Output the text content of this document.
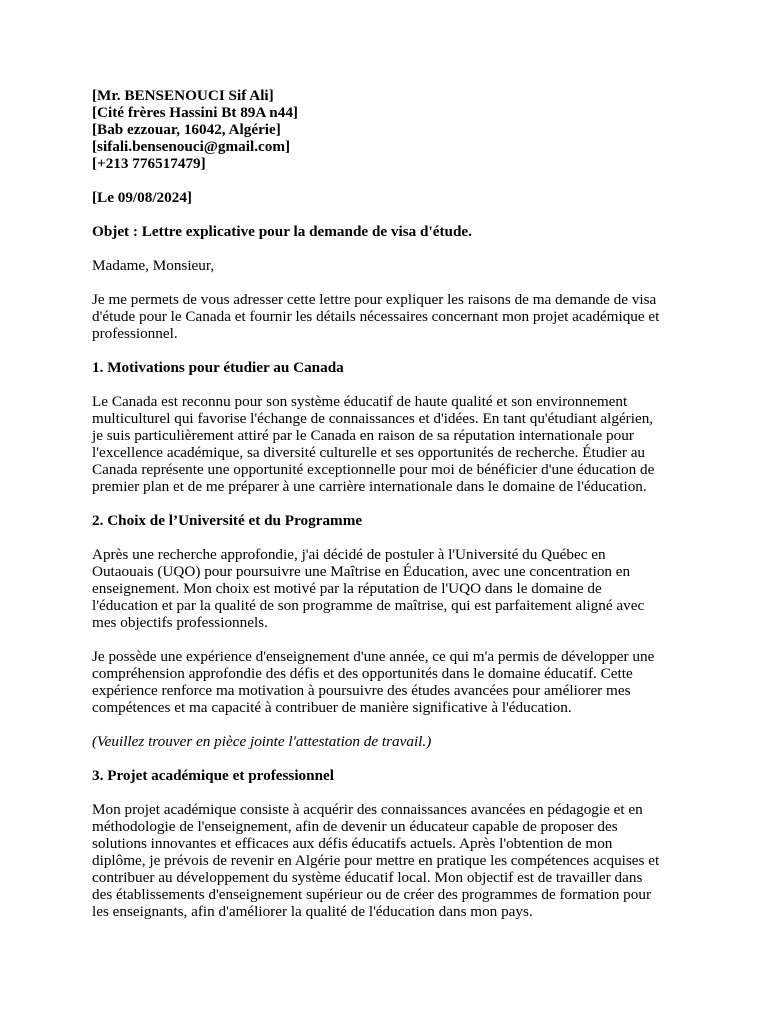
[Mr. BENSENOUCI Sif Ali]
[Cité frères Hassini Bt 89A n44]
[Bab ezzouar, 16042, Algérie]
[sifali.bensenouci@gmail.com]
[+213 776517479]
[Le 09/08/2024]
Objet : Lettre explicative pour la demande de visa d'étude.
Madame, Monsieur,
Je me permets de vous adresser cette lettre pour expliquer les raisons de ma demande de visa
d'étude pour le Canada et fournir les détails nécessaires concernant mon projet académique et
professionnel.
1. Motivations pour étudier au Canada
Le Canada est reconnu pour son système éducatif de haute qualité et son environnement
multiculturel qui favorise l'échange de connaissances et d'idées. En tant qu'étudiant algérien,
je suis particulièrement attiré par le Canada en raison de sa réputation internationale pour
l'excellence académique, sa diversité culturelle et ses opportunités de recherche. Étudier au
Canada représente une opportunité exceptionnelle pour moi de bénéficier d'une éducation de
premier plan et de me préparer à une carrière internationale dans le domaine de l'éducation.
2. Choix de l’Université et du Programme
Après une recherche approfondie, j'ai décidé de postuler à l'Université du Québec en
Outaouais (UQO) pour poursuivre une Maîtrise en Éducation, avec une concentration en
enseignement. Mon choix est motivé par la réputation de l'UQO dans le domaine de
l'éducation et par la qualité de son programme de maîtrise, qui est parfaitement aligné avec
mes objectifs professionnels.
Je possède une expérience d'enseignement d'une année, ce qui m'a permis de développer une
compréhension approfondie des défis et des opportunités dans le domaine éducatif. Cette
expérience renforce ma motivation à poursuivre des études avancées pour améliorer mes
compétences et ma capacité à contribuer de manière significative à l'éducation.
(Veuillez trouver en pièce jointe l'attestation de travail.)
3. Projet académique et professionnel
Mon projet académique consiste à acquérir des connaissances avancées en pédagogie et en
méthodologie de l'enseignement, afin de devenir un éducateur capable de proposer des
solutions innovantes et efficaces aux défis éducatifs actuels. Après l'obtention de mon
diplôme, je prévois de revenir en Algérie pour mettre en pratique les compétences acquises et
contribuer au développement du système éducatif local. Mon objectif est de travailler dans
des établissements d'enseignement supérieur ou de créer des programmes de formation pour
les enseignants, afin d'améliorer la qualité de l'éducation dans mon pays.
